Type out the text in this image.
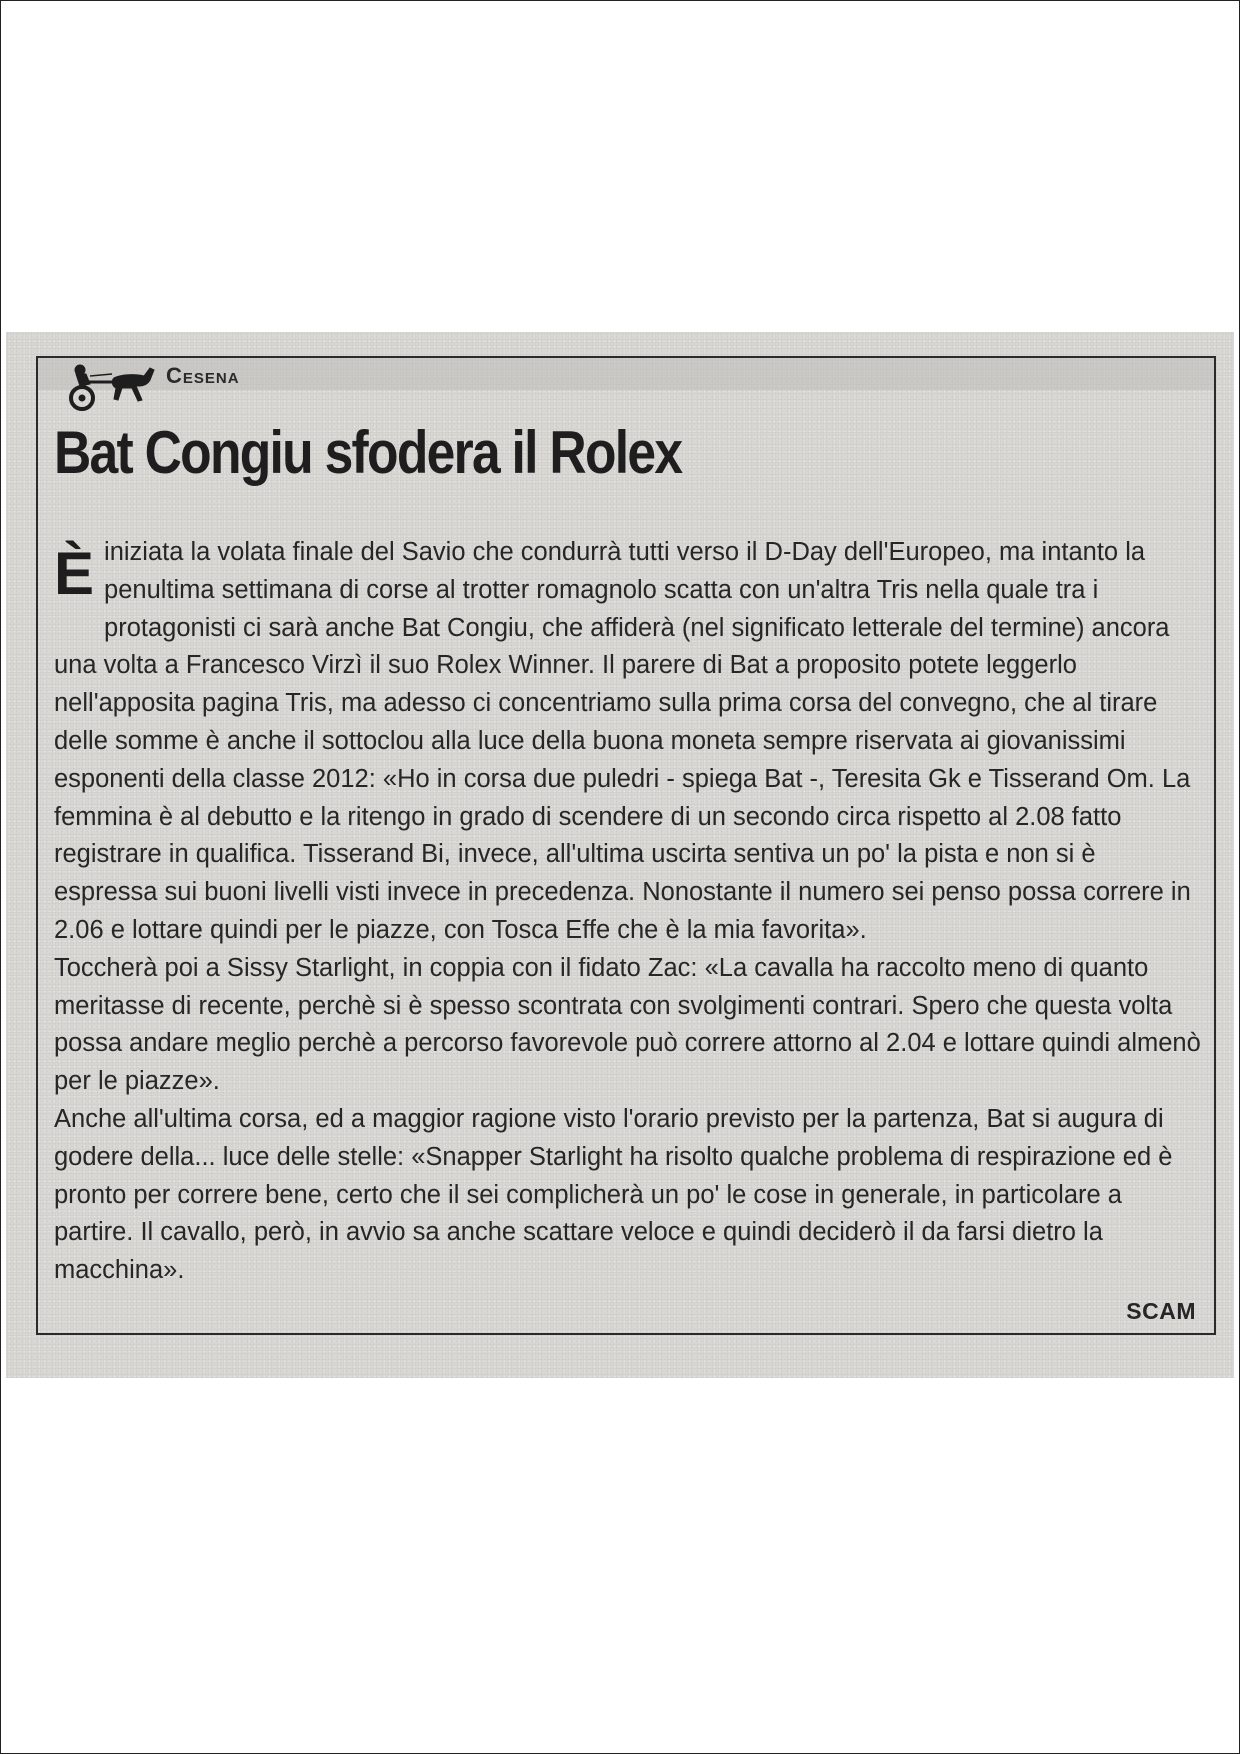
Cesena
Bat Congiu sfodera il Rolex

È iniziata la volata finale del Savio che condurrà tutti verso il D-Day dell'Europeo, ma intanto la penultima settimana di corse al trotter romagnolo scatta con un'altra Tris nella quale tra i protagonisti ci sarà anche Bat Congiu, che affiderà (nel significato letterale del termine) ancora una volta a Francesco Virzì il suo Rolex Winner. Il parere di Bat a proposito potete leggerlo nell'apposita pagina Tris, ma adesso ci concentriamo sulla prima corsa del convegno, che al tirare delle somme è anche il sottoclou alla luce della buona moneta sempre riservata ai giovanissimi esponenti della classe 2012: «Ho in corsa due puledri - spiega Bat -, Teresita Gk e Tisserand Om. La femmina è al debutto e la ritengo in grado di scendere di un secondo circa rispetto al 2.08 fatto registrare in qualifica. Tisserand Bi, invece, all'ultima uscirta sentiva un po' la pista e non si è espressa sui buoni livelli visti invece in precedenza. Nonostante il numero sei penso possa correre in 2.06 e lottare quindi per le piazze, con Tosca Effe che è la mia favorita».

Toccherà poi a Sissy Starlight, in coppia con il fidato Zac: «La cavalla ha raccolto meno di quanto meritasse di recente, perchè si è spesso scontrata con svolgimenti contrari. Spero che questa volta possa andare meglio perchè a percorso favorevole può correre attorno al 2.04 e lottare quindi almenò per le piazze».

Anche all'ultima corsa, ed a maggior ragione visto l'orario previsto per la partenza, Bat si augura di godere della... luce delle stelle: «Snapper Starlight ha risolto qualche problema di respirazione ed è pronto per correre bene, certo che il sei complicherà un po' le cose in generale, in particolare a partire. Il cavallo, però, in avvio sa anche scattare veloce e quindi deciderò il da farsi dietro la macchina».

SCAM
